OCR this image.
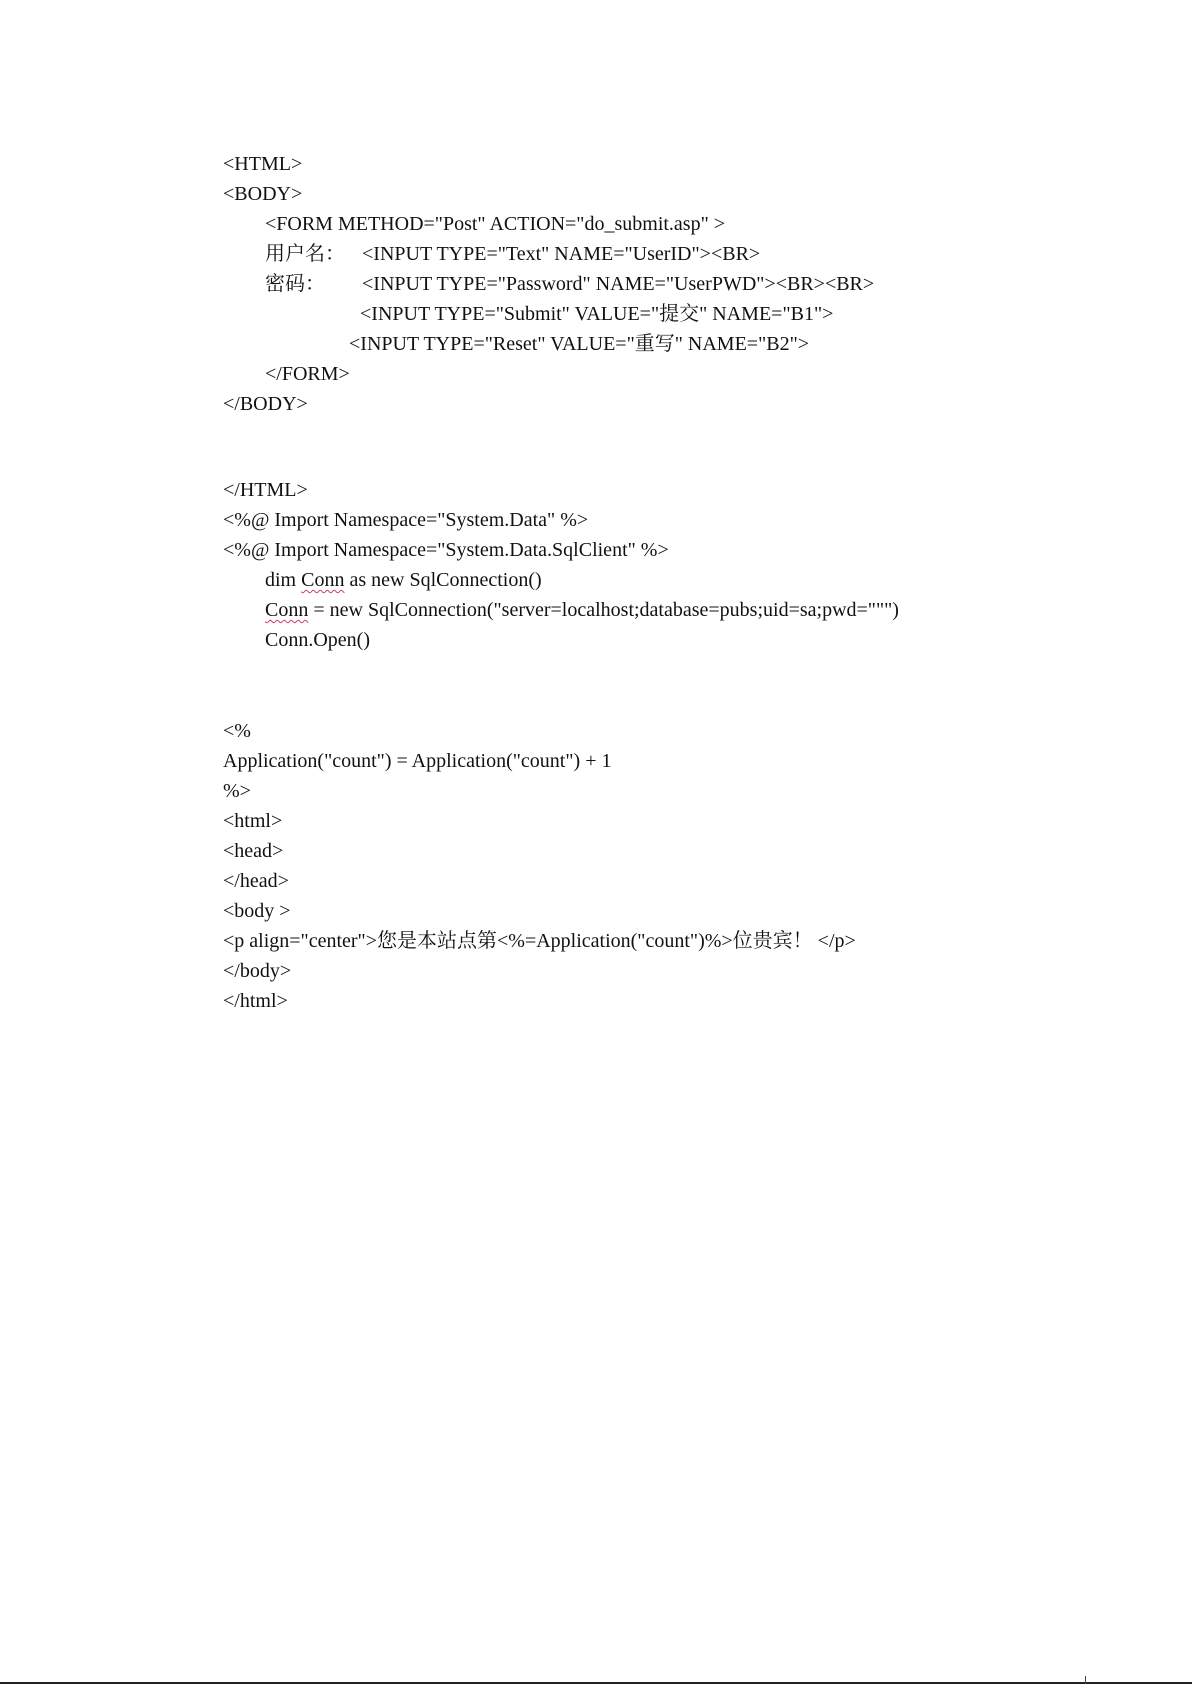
<HTML>
<BODY>
<FORM METHOD="Post" ACTION="do_submit.asp" >
用户名： <INPUT TYPE="Text" NAME="UserID"><BR>
密码： <INPUT TYPE="Password" NAME="UserPWD"><BR><BR>
<INPUT TYPE="Submit" VALUE="提交" NAME="B1">
<INPUT TYPE="Reset" VALUE="重写" NAME="B2">
</FORM>
</BODY>
</HTML>
<%@ Import Namespace="System.Data" %>
<%@ Import Namespace="System.Data.SqlClient" %>
dim Conn as new SqlConnection()
Conn = new SqlConnection("server=localhost;database=pubs;uid=sa;pwd=""")
Conn.Open()
<%
Application("count") = Application("count") + 1
%>
<html>
<head>
</head>
<body >
<p align="center">您是本站点第<%=Application("count")%>位贵宾！ </p>
</body>
</html>
